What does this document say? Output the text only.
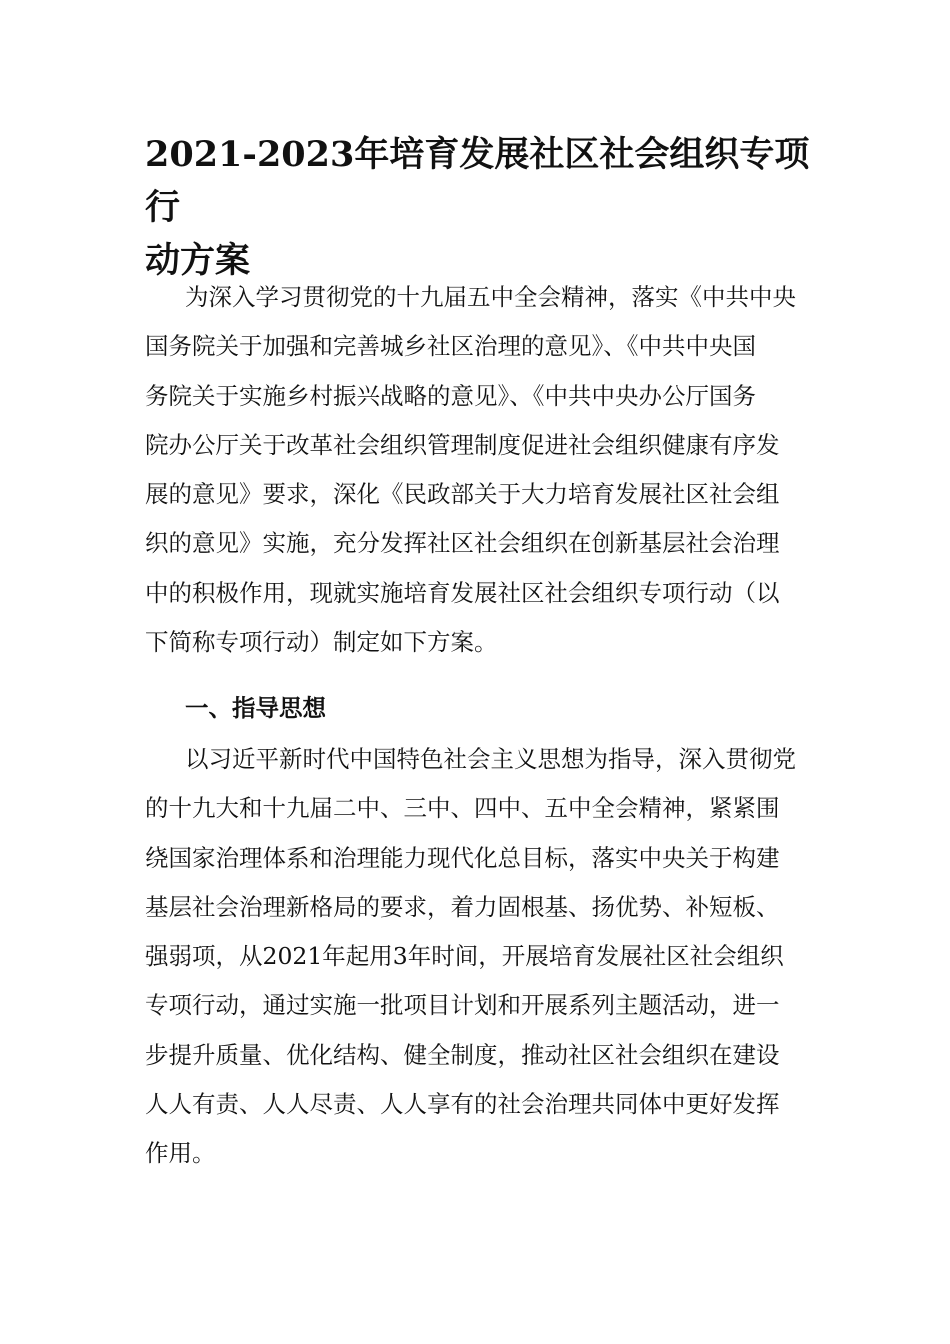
2021-2023年培育发展社区社会组织专项行
动方案
为深入学习贯彻党的十九届五中全会精神，落实《中共中央
国务院关于加强和完善城乡社区治理的意见》、《中共中央国
务院关于实施乡村振兴战略的意见》、《中共中央办公厅国务
院办公厅关于改革社会组织管理制度促进社会组织健康有序发
展的意见》要求，深化《民政部关于大力培育发展社区社会组
织的意见》实施，充分发挥社区社会组织在创新基层社会治理
中的积极作用，现就实施培育发展社区社会组织专项行动（以
下简称专项行动）制定如下方案。
一、指导思想
以习近平新时代中国特色社会主义思想为指导，深入贯彻党
的十九大和十九届二中、三中、四中、五中全会精神，紧紧围
绕国家治理体系和治理能力现代化总目标，落实中央关于构建
基层社会治理新格局的要求，着力固根基、扬优势、补短板、
强弱项，从2021年起用3年时间，开展培育发展社区社会组织
专项行动，通过实施一批项目计划和开展系列主题活动，进一
步提升质量、优化结构、健全制度，推动社区社会组织在建设
人人有责、人人尽责、人人享有的社会治理共同体中更好发挥
作用。
